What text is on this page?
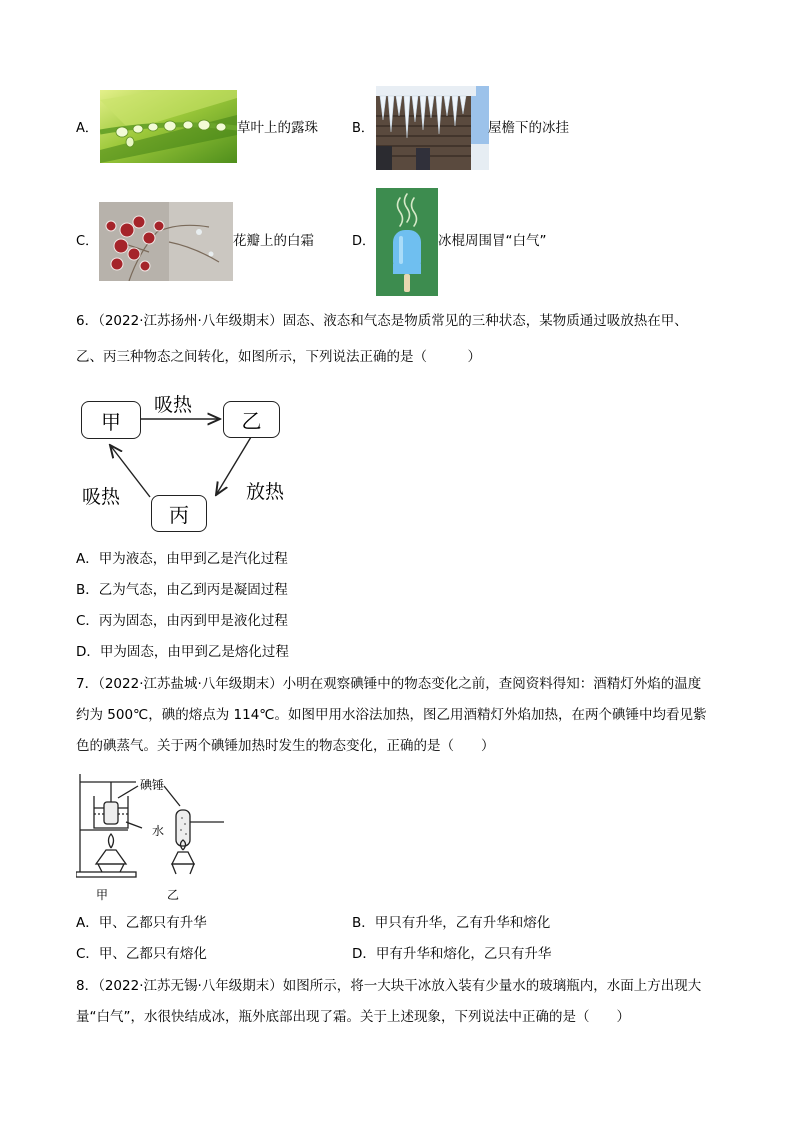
A．	草叶上的露珠	B．	屋檐下的冰挂
C．	花瓣上的白霜	D．	冰棍周围冒“白气”
6．（2022·江苏扬州·八年级期末）固态、液态和气态是物质常见的三种状态，某物质通过吸放热在甲、
乙、丙三种物态之间转化，如图所示，下列说法正确的是（　　　）
甲	乙
丙
吸热
放热
吸热
A．甲为液态，由甲到乙是汽化过程
B．乙为气态，由乙到丙是凝固过程
C．丙为固态，由丙到甲是液化过程
D．甲为固态，由甲到乙是熔化过程
7．（2022·江苏盐城·八年级期末）小明在观察碘锤中的物态变化之前，查阅资料得知：酒精灯外焰的温度
约为 500℃，碘的熔点为 114℃。如图甲用水浴法加热，图乙用酒精灯外焰加热，在两个碘锤中均看见紫
色的碘蒸气。关于两个碘锤加热时发生的物态变化，正确的是（　　）
碘锤
水
甲	乙
A．甲、乙都只有升华	B．甲只有升华，乙有升华和熔化
C．甲、乙都只有熔化	D．甲有升华和熔化，乙只有升华
8．（2022·江苏无锡·八年级期末）如图所示，将一大块干冰放入装有少量水的玻璃瓶内，水面上方出现大
量“白气”，水很快结成冰，瓶外底部出现了霜。关于上述现象，下列说法中正确的是（　　）
